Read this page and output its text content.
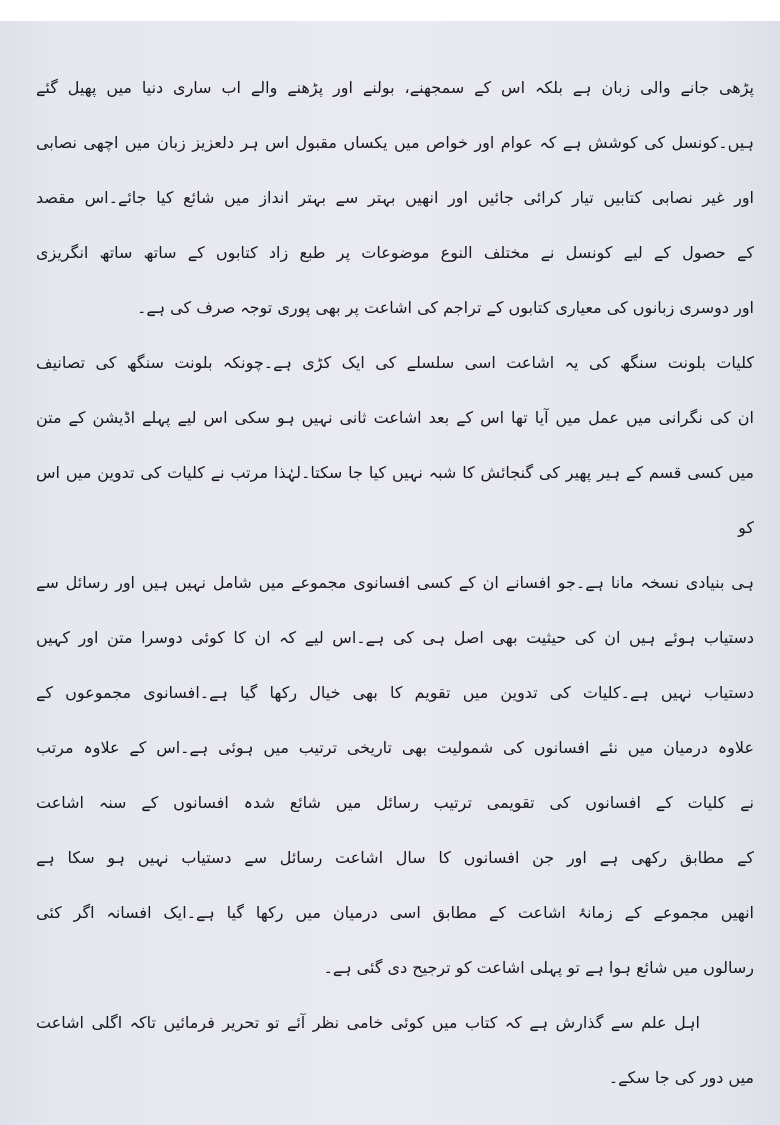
پڑھی جانے والی زبان ہے بلکہ اس کے سمجھنے، بولنے اور پڑھنے والے اب ساری دنیا میں پھیل گئے
ہیں۔کونسل کی کوشش ہے کہ عوام اور خواص میں یکساں مقبول اس ہر دلعزیز زبان میں اچھی نصابی
اور غیر نصابی کتابیں تیار کرائی جائیں اور انھیں بہتر سے بہتر انداز میں شائع کیا جائے۔اس مقصد
کے حصول کے لیے کونسل نے مختلف النوع موضوعات پر طبع زاد کتابوں کے ساتھ ساتھ انگریزی
اور دوسری زبانوں کی معیاری کتابوں کے تراجم کی اشاعت پر بھی پوری توجہ صرف کی ہے۔
کلیات بلونت سنگھ کی یہ اشاعت اسی سلسلے کی ایک کڑی ہے۔چونکہ بلونت سنگھ کی تصانیف
ان کی نگرانی میں عمل میں آیا تھا اس کے بعد اشاعت ثانی نہیں ہو سکی اس لیے پہلے اڈیشن کے متن
میں کسی قسم کے ہیر پھیر کی گنجائش کا شبہ نہیں کیا جا سکتا۔لہٰذا مرتب نے کلیات کی تدوین میں اس کو
ہی بنیادی نسخہ مانا ہے۔جو افسانے ان کے کسی افسانوی مجموعے میں شامل نہیں ہیں اور رسائل سے
دستیاب ہوئے ہیں ان کی حیثیت بھی اصل ہی کی ہے۔اس لیے کہ ان کا کوئی دوسرا متن اور کہیں
دستیاب نہیں ہے۔کلیات کی تدوین میں تقویم کا بھی خیال رکھا گیا ہے۔افسانوی مجموعوں کے
علاوہ درمیان میں نئے افسانوں کی شمولیت بھی تاریخی ترتیب میں ہوئی ہے۔اس کے علاوہ مرتب
نے کلیات کے افسانوں کی تقویمی ترتیب رسائل میں شائع شدہ افسانوں کے سنہ اشاعت
کے مطابق رکھی ہے اور جن افسانوں کا سال اشاعت رسائل سے دستیاب نہیں ہو سکا ہے
انھیں مجموعے کے زمانۂ اشاعت کے مطابق اسی درمیان میں رکھا گیا ہے۔ایک افسانہ اگر کئی
رسالوں میں شائع ہوا ہے تو پہلی اشاعت کو ترجیح دی گئی ہے۔
اہل علم سے گذارش ہے کہ کتاب میں کوئی خامی نظر آئے تو تحریر فرمائیں تاکہ اگلی اشاعت
میں دور کی جا سکے۔
